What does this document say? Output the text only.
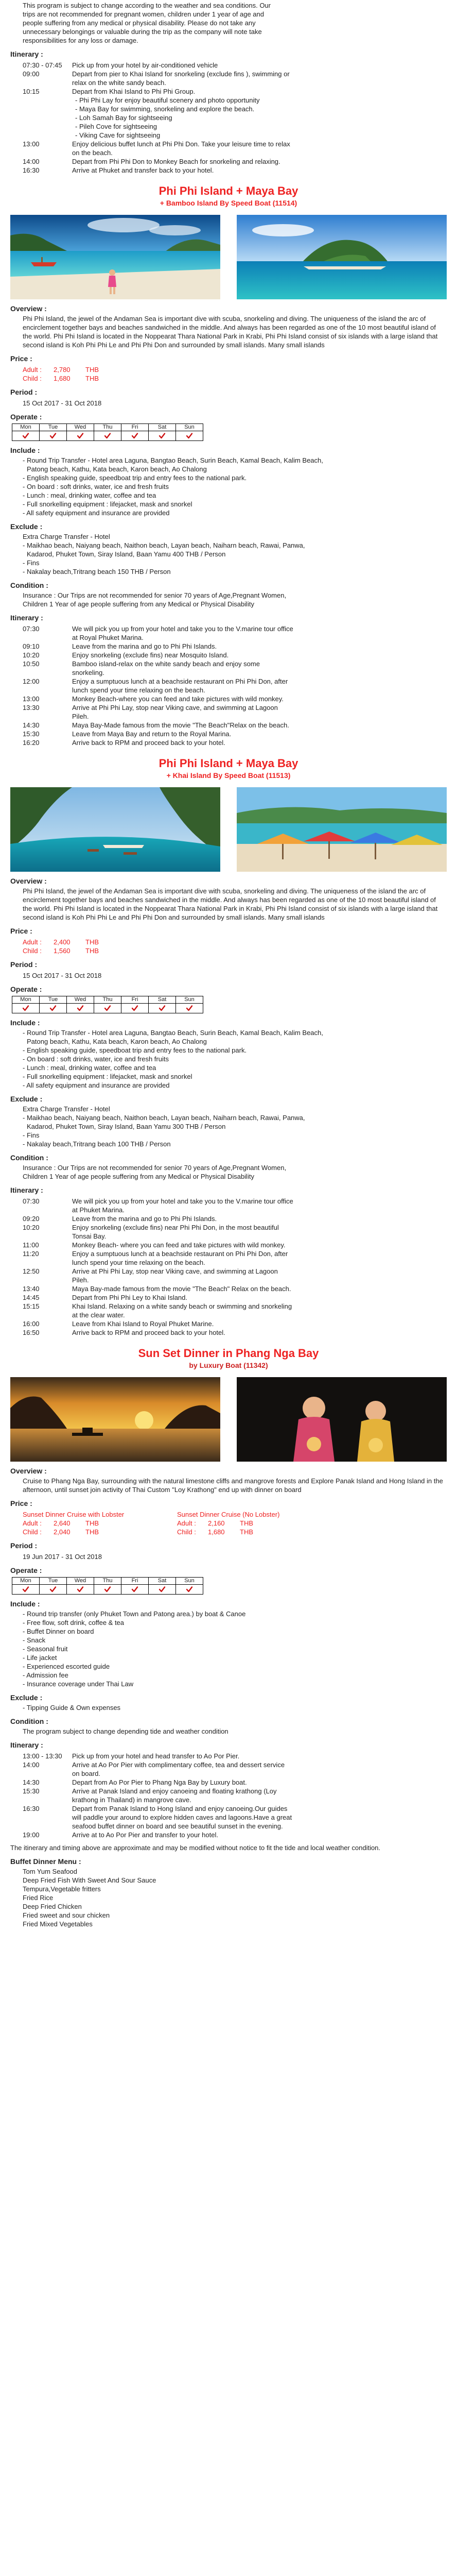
This program is subject to change according to the weather and sea conditions. Our trips are not recommended for pregnant women, children under 1 year of age and people suffering from any medical or physical disability. Please do not take any unnecessary belongings or valuable during the trip as the company will note take responsibilities for any loss or damage.
Itinerary :
07:30 - 07:45	Pick up from your hotel by air-conditioned vehicle
09:00	Depart from pier to Khai Island for snorkeling (exclude fins ), swimming or relax on the white sandy beach.
10:15	Depart from Khai Island to Phi Phi Group.
- Phi Phi Lay for enjoy beautiful scenery and photo opportunity
- Maya Bay for swimming, snorkeling and explore the beach.
- Loh Samah Bay for sightseeing
- Pileh Cove for sightseeing
- Viking Cave for sightseeing
13:00	Enjoy delicious buffet lunch at Phi Phi Don. Take your leisure time to relax on the beach.
14:00	Depart from Phi Phi Don to Monkey Beach for snorkeling and relaxing.
16:30	Arrive at Phuket and transfer back to your hotel.
Phi Phi Island + Maya Bay
+ Bamboo Island By Speed Boat (11514)
Overview :
Phi Phi Island, the jewel of the Andaman Sea is important dive with scuba, snorkeling and diving. The uniqueness of the island the arc of encirclement together bays and beaches sandwiched in the middle. And always has been regarded as one of the 10 most beautiful island of the world. Phi Phi Island is located in the Noppearat Thara National Park in Krabi, Phi Phi Island consist of six islands with a large island that second island is Koh Phi Phi Le and Phi Phi Don and surrounded by small islands. Many small islands
Price :
Adult :	2,780	THB
Child :	1,680	THB
Period :
15 Oct 2017 - 31 Oct 2018
Operate :
Mon	Tue	Wed	Thu	Fri	Sat	Sun
Include :
- Round Trip Transfer - Hotel area Laguna, Bangtao Beach, Surin Beach, Kamal Beach, Kalim Beach,
Patong beach, Kathu, Kata beach, Karon beach, Ao Chalong
- English speaking guide, speedboat trip and entry fees to the national park.
- On board : soft drinks, water, ice and fresh fruits
- Lunch : meal, drinking water, coffee and tea
- Full snorkelling equipment : lifejacket, mask and snorkel
- All safety equipment and insurance are provided
Exclude :
Extra Charge Transfer - Hotel
- Maikhao beach, Naiyang beach, Naithon beach, Layan beach, Naiharn beach, Rawai, Panwa,
Kadarod, Phuket Town, Siray Island, Baan Yamu 400 THB / Person
- Fins
- Nakalay beach,Tritrang beach 150 THB / Person
Condition :
Insurance : Our Trips are not recommended for senior 70 years of Age,Pregnant Women,
Children 1 Year of age people suffering from any Medical or Physical Disability
Itinerary :
07:30	We will pick you up from your hotel and take you to the V.marine tour office at Royal Phuket Marina.
09:10	Leave from the marina and go to Phi Phi Islands.
10:20	Enjoy snorkeling (exclude fins) near Mosquito Island.
10:50	Bamboo island-relax on the white sandy beach and enjoy some snorkeling.
12:00	Enjoy a sumptuous lunch at a beachside restaurant on Phi Phi Don, after lunch spend your time relaxing on the beach.
13:00	Monkey Beach-where you can feed and take pictures with wild monkey.
13:30	Arrive at Phi Phi Lay, stop near Viking cave, and swimming at Lagoon Pileh.
14:30	Maya Bay-Made famous from the movie "The Beach"Relax on the beach.
15:30	Leave from Maya Bay and return to the Royal Marina.
16:20	Arrive back to RPM and proceed back to your hotel.
Phi Phi Island + Maya Bay
+ Khai Island By Speed Boat (11513)
Overview :
Phi Phi Island, the jewel of the Andaman Sea is important dive with scuba, snorkeling and diving. The uniqueness of the island the arc of encirclement together bays and beaches sandwiched in the middle. And always has been regarded as one of the 10 most beautiful island of the world. Phi Phi Island is located in the Noppearat Thara National Park in Krabi, Phi Phi Island consist of six islands with a large island that second island is Koh Phi Phi Le and Phi Phi Don and surrounded by small islands. Many small islands
Price :
Adult :	2,400	THB
Child :	1,560	THB
Period :
15 Oct 2017 - 31 Oct 2018
Operate :
Mon	Tue	Wed	Thu	Fri	Sat	Sun
Include :
- Round Trip Transfer - Hotel area Laguna, Bangtao Beach, Surin Beach, Kamal Beach, Kalim Beach,
Patong beach, Kathu, Kata beach, Karon beach, Ao Chalong
- English speaking guide, speedboat trip and entry fees to the national park.
- On board : soft drinks, water, ice and fresh fruits
- Lunch : meal, drinking water, coffee and tea
- Full snorkelling equipment : lifejacket, mask and snorkel
- All safety equipment and insurance are provided
Exclude :
Extra Charge Transfer - Hotel
- Maikhao beach, Naiyang beach, Naithon beach, Layan beach, Naiharn beach, Rawai, Panwa,
Kadarod, Phuket Town, Siray Island, Baan Yamu 300 THB / Person
- Fins
- Nakalay beach,Tritrang beach 100 THB / Person
Condition :
Insurance : Our Trips are not recommended for senior 70 years of Age,Pregnant Women,
Children 1 Year of age people suffering from any Medical or Physical Disability
Itinerary :
07:30	We will pick you up from your hotel and take you to the V.marine tour office at Phuket Marina.
09:20	Leave from the marina and go to Phi Phi Islands.
10:20	Enjoy snorkeling (exclude fins) near Phi Phi Don, in the most beautiful Tonsai Bay.
11:00	Monkey Beach- where you can feed and take pictures with wild monkey.
11:20	Enjoy a sumptuous lunch at a beachside restaurant on Phi Phi Don, after lunch spend your time relaxing on the beach.
12:50	Arrive at Phi Phi Lay, stop near Viking cave, and swimming at Lagoon Pileh.
13:40	Maya Bay-made famous from the movie "The Beach" Relax on the beach.
14:45	Depart from Phi Phi Ley to Khai Island.
15:15	Khai Island. Relaxing on a white sandy beach or swimming and snorkeling at the clear water.
16:00	Leave from Khai Island to Royal Phuket Marine.
16:50	Arrive back to RPM and proceed back to your hotel.
Sun Set Dinner in Phang Nga Bay
by Luxury Boat (11342)
Overview :
Cruise to Phang Nga Bay, surrounding with the natural limestone cliffs and mangrove forests and Explore Panak Island and Hong Island in the afternoon, until sunset join activity of Thai Custom "Loy Krathong" end up with dinner on board
Price :
Sunset Dinner Cruise with Lobster
Adult :	2,640	THB
Child :	2,040	THB
Sunset Dinner Cruise (No Lobster)
Adult :	2,160	THB
Child :	1,680	THB
Period :
19 Jun 2017 - 31 Oct 2018
Operate :
Mon	Tue	Wed	Thu	Fri	Sat	Sun
Include :
- Round trip transfer (only Phuket Town and Patong area.) by boat & Canoe
- Free flow, soft drink, coffee & tea
- Buffet Dinner on board
- Snack
- Seasonal fruit
- Life jacket
- Experienced escorted guide
- Admission fee
- Insurance coverage under Thai Law
Exclude :
- Tipping Guide & Own expenses
Condition :
The program subject to change depending tide and weather condition
Itinerary :
13:00 - 13:30	Pick up from your hotel and head transfer to Ao Por Pier.
14:00	Arrive at Ao Por Pier with complimentary coffee, tea and dessert service on board.
14:30	Depart from Ao Por Pier to Phang Nga Bay by Luxury boat.
15:30	Arrive at Panak Island and enjoy canoeing and floating krathong (Loy krathong in Thailand) in mangrove cave.
16:30	Depart from Panak Island to Hong Island and enjoy canoeing.Our guides will paddle your around to explore hidden caves and lagoons.Have a great seafood buffet dinner on board and see beautiful sunset in the evening.
19:00	Arrive at to Ao Por Pier and transfer to your hotel.
The itinerary and timing above are approximate and may be modified without notice to fit the tide and local weather condition.
Buffet Dinner Menu :
Tom Yum Seafood
Deep Fried Fish With Sweet And Sour Sauce
Tempura,Vegetable fritters
Fried Rice
Deep Fried Chicken
Fried sweet and sour chicken
Fried Mixed Vegetables
